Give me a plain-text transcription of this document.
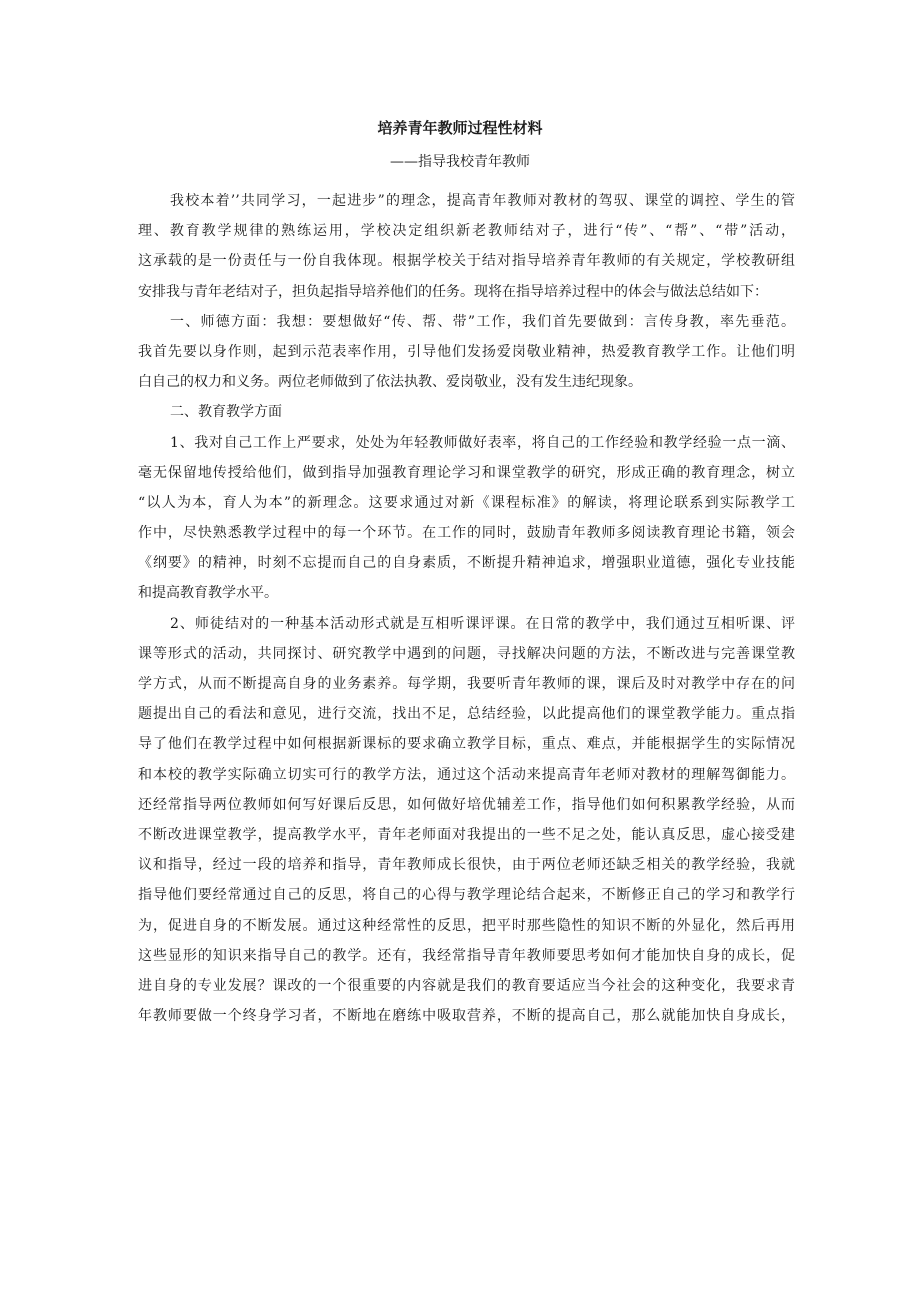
培养青年教师过程性材料
——指导我校青年教师
我校本着’’共同学习，一起进步”的理念，提高青年教师对教材的驾驭、课堂的调控、学生的管
理、教育教学规律的熟练运用，学校决定组织新老教师结对子，进行“传”、“帮”、“带”活动，
这承载的是一份责任与一份自我体现。根据学校关于结对指导培养青年教师的有关规定，学校教研组
安排我与青年老结对子，担负起指导培养他们的任务。现将在指导培养过程中的体会与做法总结如下：
一、师德方面：我想：要想做好“传、帮、带”工作，我们首先要做到：言传身教，率先垂范。
我首先要以身作则，起到示范表率作用，引导他们发扬爱岗敬业精神，热爱教育教学工作。让他们明
白自己的权力和义务。两位老师做到了依法执教、爱岗敬业，没有发生违纪现象。
二、教育教学方面
1、我对自己工作上严要求，处处为年轻教师做好表率，将自己的工作经验和教学经验一点一滴、
毫无保留地传授给他们，做到指导加强教育理论学习和课堂教学的研究，形成正确的教育理念，树立
“以人为本，育人为本”的新理念。这要求通过对新《课程标准》的解读，将理论联系到实际教学工
作中，尽快熟悉教学过程中的每一个环节。在工作的同时，鼓励青年教师多阅读教育理论书籍，领会
《纲要》的精神，时刻不忘提而自己的自身素质，不断提升精神追求，增强职业道德，强化专业技能
和提高教育教学水平。
2、师徒结对的一种基本活动形式就是互相听课评课。在日常的教学中，我们通过互相听课、评
课等形式的活动，共同探讨、研究教学中遇到的问题，寻找解决问题的方法，不断改进与完善课堂教
学方式，从而不断提高自身的业务素养。每学期，我要听青年教师的课，课后及时对教学中存在的问
题提出自己的看法和意见，进行交流，找出不足，总结经验，以此提高他们的课堂教学能力。重点指
导了他们在教学过程中如何根据新课标的要求确立教学目标，重点、难点，并能根据学生的实际情况
和本校的教学实际确立切实可行的教学方法，通过这个活动来提高青年老师对教材的理解驾御能力。
还经常指导两位教师如何写好课后反思，如何做好培优辅差工作，指导他们如何积累教学经验，从而
不断改进课堂教学，提高教学水平，青年老师面对我提出的一些不足之处，能认真反思，虚心接受建
议和指导，经过一段的培养和指导，青年教师成长很快，由于两位老师还缺乏相关的教学经验，我就
指导他们要经常通过自己的反思，将自己的心得与教学理论结合起来，不断修正自己的学习和教学行
为，促进自身的不断发展。通过这种经常性的反思，把平时那些隐性的知识不断的外显化，然后再用
这些显形的知识来指导自己的教学。还有，我经常指导青年教师要思考如何才能加快自身的成长，促
进自身的专业发展？课改的一个很重要的内容就是我们的教育要适应当今社会的这种变化，我要求青
年教师要做一个终身学习者，不断地在磨练中吸取营养，不断的提高自己，那么就能加快自身成长，
